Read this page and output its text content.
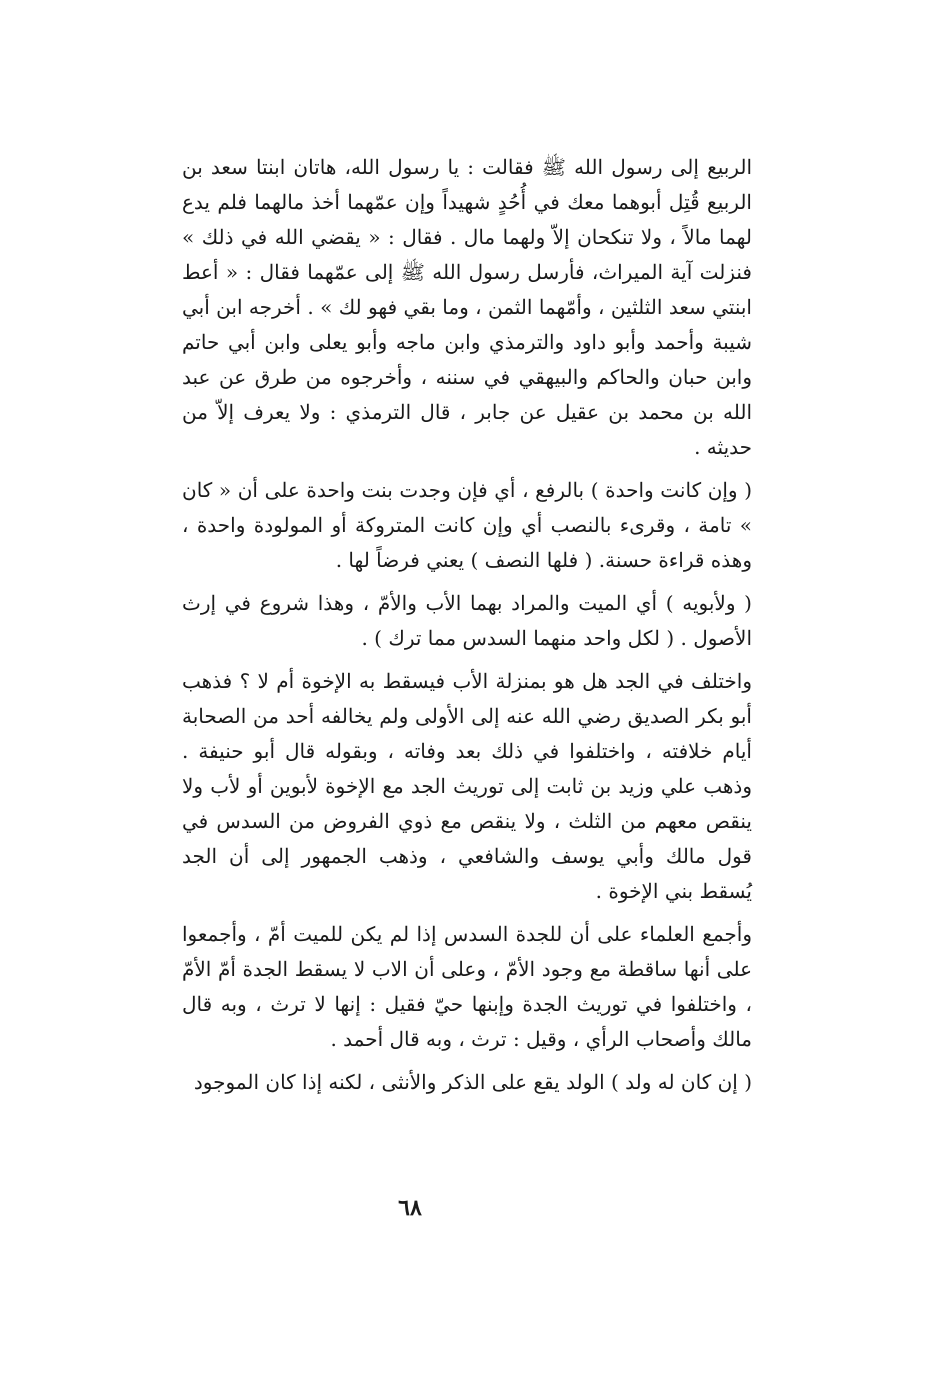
الربيع إلى رسول الله ﷺ فقالت : يا رسول الله، هاتان ابنتا سعد بن الربيع قُتِل أبوهما معك في أُحُدٍ شهيداً وإن عمّهما أخذ مالهما فلم يدع لهما مالاً ، ولا تنكحان إلاّ ولهما مال . فقال : « يقضي الله في ذلك » فنزلت آية الميراث، فأرسل رسول الله ﷺ إلى عمّهما فقال : « أعط ابنتي سعد الثلثين ، وأمّهما الثمن ، وما بقي فهو لك » . أخرجه ابن أبي شيبة وأحمد وأبو داود والترمذي وابن ماجه وأبو يعلى وابن أبي حاتم وابن حبان والحاكم والبيهقي في سننه ، وأخرجوه من طرق عن عبد الله بن محمد بن عقيل عن جابر ، قال الترمذي : ولا يعرف إلاّ من حديثه .

( وإن كانت واحدة ) بالرفع ، أي فإن وجدت بنت واحدة على أن « كان » تامة ، وقرىء بالنصب أي وإن كانت المتروكة أو المولودة واحدة ، وهذه قراءة حسنة. ( فلها النصف ) يعني فرضاً لها .

( ولأبويه ) أي الميت والمراد بهما الأب والأمّ ، وهذا شروع في إرث الأصول . ( لكل واحد منهما السدس مما ترك ) .

واختلف في الجد هل هو بمنزلة الأب فيسقط به الإخوة أم لا ؟ فذهب أبو بكر الصديق رضي الله عنه إلى الأولى ولم يخالفه أحد من الصحابة أيام خلافته ، واختلفوا في ذلك بعد وفاته ، وبقوله قال أبو حنيفة . وذهب علي وزيد بن ثابت إلى توريث الجد مع الإخوة لأبوين أو لأب ولا ينقص معهم من الثلث ، ولا ينقص مع ذوي الفروض من السدس في قول مالك وأبي يوسف والشافعي ، وذهب الجمهور إلى أن الجد يُسقط بني الإخوة .

وأجمع العلماء على أن للجدة السدس إذا لم يكن للميت أمّ ، وأجمعوا على أنها ساقطة مع وجود الأمّ ، وعلى أن الاب لا يسقط الجدة أمّ الأمّ ، واختلفوا في توريث الجدة وإبنها حيّ فقيل : إنها لا ترث ، وبه قال مالك وأصحاب الرأي ، وقيل : ترث ، وبه قال أحمد .

( إن كان له ولد ) الولد يقع على الذكر والأنثى ، لكنه إذا كان الموجود

٦٨
